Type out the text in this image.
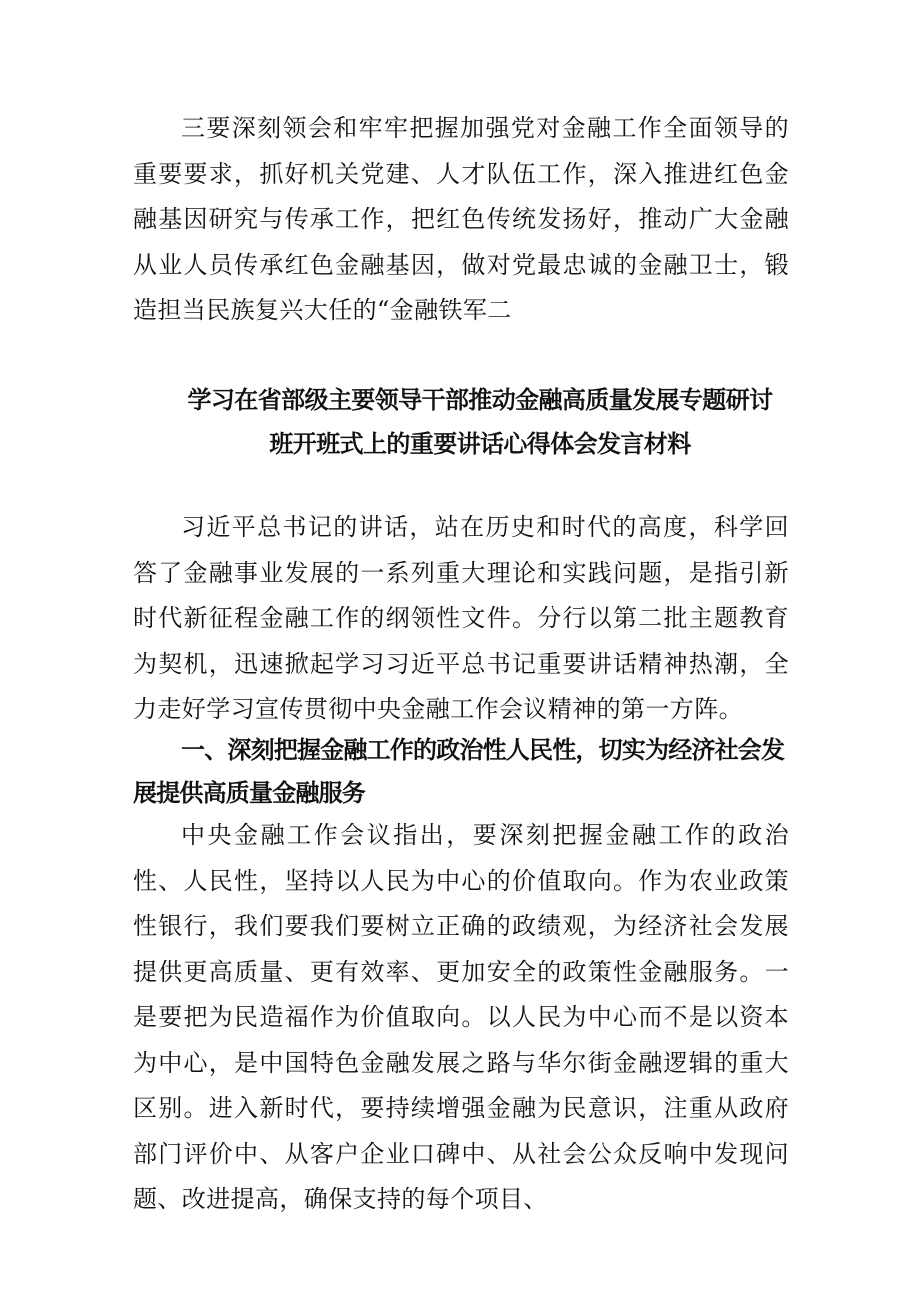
三要深刻领会和牢牢把握加强党对金融工作全面领导的重要要求，抓好机关党建、人才队伍工作，深入推进红色金融基因研究与传承工作，把红色传统发扬好，推动广大金融从业人员传承红色金融基因，做对党最忠诚的金融卫士，锻造担当民族复兴大任的“金融铁军二

学习在省部级主要领导干部推动金融高质量发展专题研讨
班开班式上的重要讲话心得体会发言材料

习近平总书记的讲话，站在历史和时代的高度，科学回答了金融事业发展的一系列重大理论和实践问题，是指引新时代新征程金融工作的纲领性文件。分行以第二批主题教育为契机，迅速掀起学习习近平总书记重要讲话精神热潮，全力走好学习宣传贯彻中央金融工作会议精神的第一方阵。

一、深刻把握金融工作的政治性人民性，切实为经济社会发展提供高质量金融服务

中央金融工作会议指出，要深刻把握金融工作的政治性、人民性，坚持以人民为中心的价值取向。作为农业政策性银行，我们要我们要树立正确的政绩观，为经济社会发展提供更高质量、更有效率、更加安全的政策性金融服务。一是要把为民造福作为价值取向。以人民为中心而不是以资本为中心，是中国特色金融发展之路与华尔街金融逻辑的重大区别。进入新时代，要持续增强金融为民意识，注重从政府部门评价中、从客户企业口碑中、从社会公众反响中发现问题、改进提高，确保支持的每个项目、
